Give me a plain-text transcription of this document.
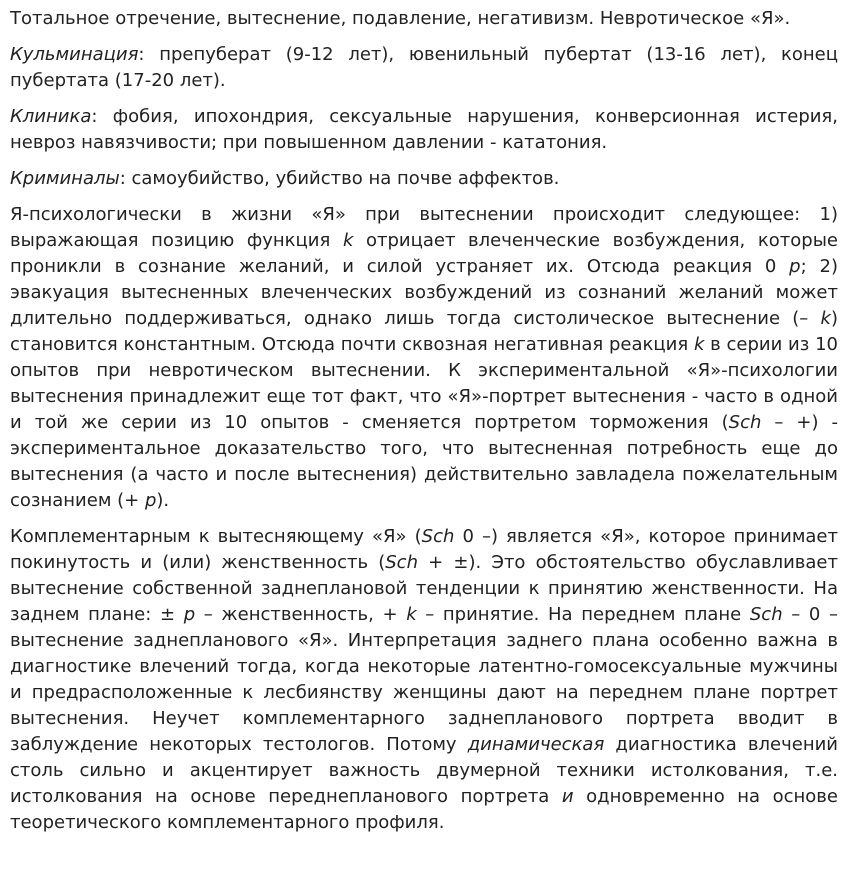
Тотальное отречение, вытеснение, подавление, негативизм. Невротическое «Я».

Кульминация: препуберат (9-12 лет), ювенильный пубертат (13-16 лет), конец пубертата (17-20 лет).

Клиника: фобия, ипохондрия, сексуальные нарушения, конверсионная истерия, невроз навязчивости; при повышенном давлении - кататония.

Криминалы: самоубийство, убийство на почве аффектов.

Я-психологически в жизни «Я» при вытеснении происходит следующее: 1) выражающая позицию функция k отрицает влеченческие возбуждения, которые проникли в сознание желаний, и силой устраняет их. Отсюда реакция 0 p; 2) эвакуация вытесненных влеченческих возбуждений из сознаний желаний может длительно поддерживаться, однако лишь тогда систолическое вытеснение (– k) становится константным. Отсюда почти сквозная негативная реакция k в серии из 10 опытов при невротическом вытеснении. К экспериментальной «Я»-психологии вытеснения принадлежит еще тот факт, что «Я»-портрет вытеснения - часто в одной и той же серии из 10 опытов - сменяется портретом торможения (Sch – +) - экспериментальное доказательство того, что вытесненная потребность еще до вытеснения (а часто и после вытеснения) действительно завладела пожелательным сознанием (+ p).

Комплементарным к вытесняющему «Я» (Sch 0 –) является «Я», которое принимает покинутость и (или) женственность (Sch + ±). Это обстоятельство обуславливает вытеснение собственной заднеплановой тенденции к принятию женственности. На заднем плане: ± p – женственность, + k – принятие. На переднем плане Sch – 0 – вытеснение заднепланового «Я». Интерпретация заднего плана особенно важна в диагностике влечений тогда, когда некоторые латентно-гомосексуальные мужчины и предрасположенные к лесбиянству женщины дают на переднем плане портрет вытеснения. Неучет комплементарного заднепланового портрета вводит в заблуждение некоторых тестологов. Потому динамическая диагностика влечений столь сильно и акцентирует важность двумерной техники истолкования, т.е. истолкования на основе переднепланового портрета и одновременно на основе теоретического комплементарного профиля.
